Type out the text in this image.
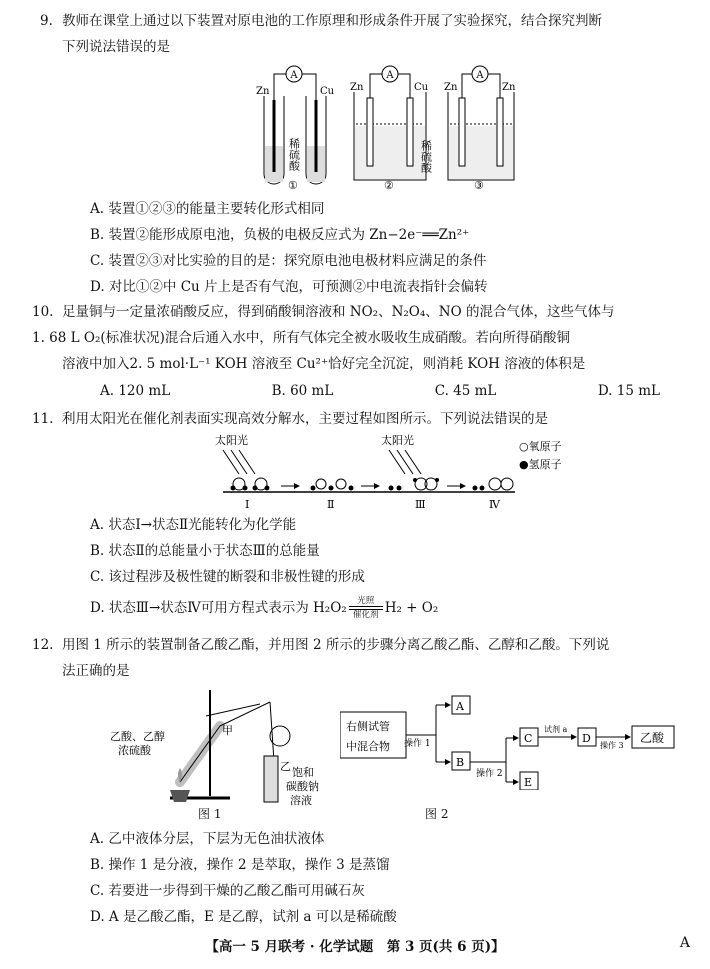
9. 教师在课堂上通过以下装置对原电池的工作原理和形成条件开展了实验探究，结合探究判断
下列说法错误的是
A
Zn	Cu
稀硫酸
①
A
Zn	Cu
②
A
Zn	Zn
③
稀硫酸
A. 装置①②③的能量主要转化形式相同
B. 装置②能形成原电池，负极的电极反应式为 Zn−2e⁻══Zn²⁺
C. 装置②③对比实验的目的是：探究原电池电极材料应满足的条件
D. 对比①②中 Cu 片上是否有气泡，可预测②中电流表指针会偏转
10. 足量铜与一定量浓硝酸反应，得到硝酸铜溶液和 NO₂、N₂O₄、NO 的混合气体，这些气体与
1. 68 L O₂(标准状况)混合后通入水中，所有气体完全被水吸收生成硝酸。若向所得硝酸铜
溶液中加入2. 5 mol·L⁻¹ KOH 溶液至 Cu²⁺恰好完全沉淀，则消耗 KOH 溶液的体积是
A. 120 mL	B. 60 mL	C. 45 mL	D. 15 mL
11. 利用太阳光在催化剂表面实现高效分解水，主要过程如图所示。下列说法错误的是
太阳光	太阳光
Ⅰ	Ⅱ	Ⅲ	Ⅳ
○氧原子
●氢原子
A. 状态Ⅰ→状态Ⅱ光能转化为化学能
B. 状态Ⅱ的总能量小于状态Ⅲ的总能量
C. 该过程涉及极性键的断裂和非极性键的形成
D. 状态Ⅲ→状态Ⅳ可用方程式表示为 H₂O₂ 光照
催化剂 H₂ + O₂
12. 用图 1 所示的装置制备乙酸乙酯，并用图 2 所示的步骤分离乙酸乙酯、乙醇和乙酸。下列说
法正确的是
乙酸、乙醇
浓硫酸
甲
乙 饱和
碳酸钠
溶液
图 1
右侧试管
中混合物 操作 1
A
B
操作 2
C
E
试剂 a
D
操作 3
乙酸
图 2
A. 乙中液体分层，下层为无色油状液体
B. 操作 1 是分液，操作 2 是萃取，操作 3 是蒸馏
C. 若要进一步得到干燥的乙酸乙酯可用碱石灰
D. A 是乙酸乙酯，E 是乙醇，试剂 a 可以是稀硫酸
【高一 5 月联考 · 化学试题　第 3 页(共 6 页)】	A
